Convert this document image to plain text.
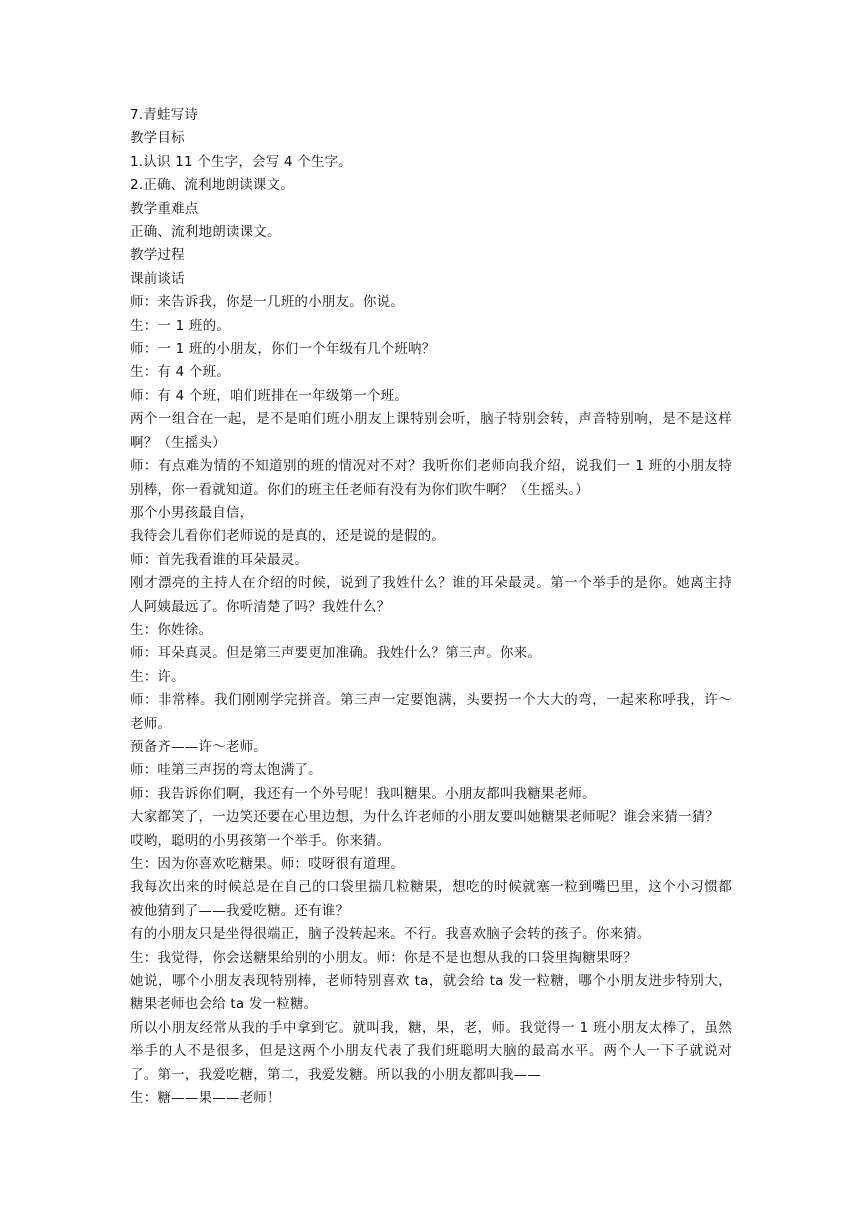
7.青蛙写诗

教学目标

1.认识 11 个生字，会写 4 个生字。

2.正确、流利地朗读课文。

教学重难点

正确、流利地朗读课文。

教学过程

课前谈话

师：来告诉我，你是一几班的小朋友。你说。

生：一 1 班的。

师：一 1 班的小朋友，你们一个年级有几个班呐？

生：有 4 个班。

师：有 4 个班，咱们班排在一年级第一个班。

两个一组合在一起，是不是咱们班小朋友上课特别会听，脑子特别会转，声音特别响，是不是这样啊？（生摇头）

师：有点难为情的不知道别的班的情况对不对？我听你们老师向我介绍，说我们一 1 班的小朋友特别棒，你一看就知道。你们的班主任老师有没有为你们吹牛啊？（生摇头。）

那个小男孩最自信，

我待会儿看你们老师说的是真的，还是说的是假的。

师：首先我看谁的耳朵最灵。

刚才漂亮的主持人在介绍的时候，说到了我姓什么？谁的耳朵最灵。第一个举手的是你。她离主持人阿姨最远了。你听清楚了吗？我姓什么？

生：你姓徐。

师：耳朵真灵。但是第三声要更加准确。我姓什么？第三声。你来。

生：许。

师：非常棒。我们刚刚学完拼音。第三声一定要饱满，头要拐一个大大的弯，一起来称呼我，许～老师。

预备齐——许～老师。

师：哇第三声拐的弯太饱满了。

师：我告诉你们啊，我还有一个外号呢！我叫糖果。小朋友都叫我糖果老师。

大家都笑了，一边笑还要在心里边想，为什么许老师的小朋友要叫她糖果老师呢？谁会来猜一猜？

哎哟，聪明的小男孩第一个举手。你来猜。

生：因为你喜欢吃糖果。师：哎呀很有道理。

我每次出来的时候总是在自己的口袋里揣几粒糖果，想吃的时候就塞一粒到嘴巴里，这个小习惯都被他猜到了——我爱吃糖。还有谁？

有的小朋友只是坐得很端正，脑子没转起来。不行。我喜欢脑子会转的孩子。你来猜。

生：我觉得，你会送糖果给别的小朋友。师：你是不是也想从我的口袋里掏糖果呀？

她说，哪个小朋友表现特别棒，老师特别喜欢 ta，就会给 ta 发一粒糖，哪个小朋友进步特别大，糖果老师也会给 ta 发一粒糖。

所以小朋友经常从我的手中拿到它。就叫我，糖，果，老，师。我觉得一 1 班小朋友太棒了，虽然举手的人不是很多，但是这两个小朋友代表了我们班聪明大脑的最高水平。两个人一下子就说对了。第一，我爱吃糖，第二，我爱发糖。所以我的小朋友都叫我——

生：糖——果——老师！
